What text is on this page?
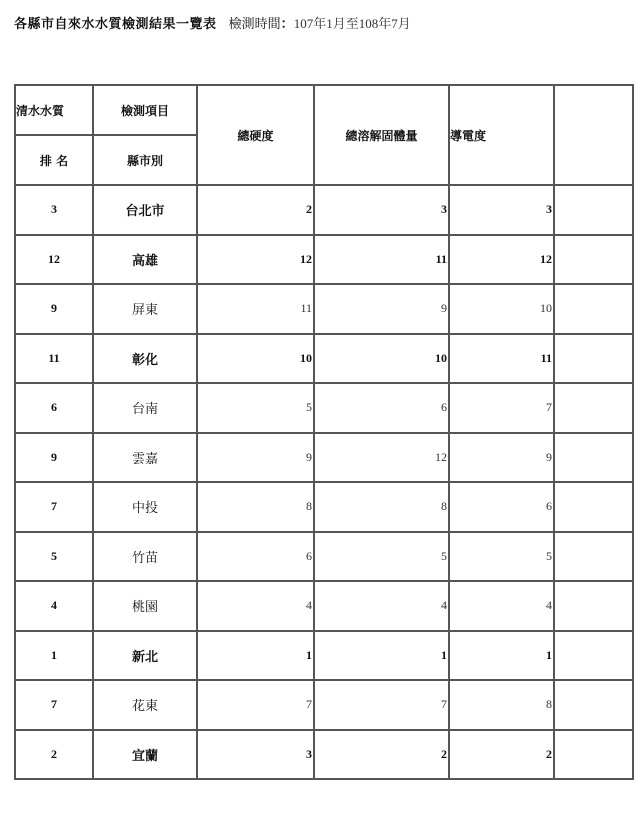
各縣市自來水水質檢測結果一覽表 檢測時間：107年1月至108年7月
清水水質	檢測項目	總硬度	總溶解固體量	導電度	
排 名	縣市別				
3	台北市	2	3	3	
12	高雄	12	11	12	
9	屏東	11	9	10	
11	彰化	10	10	11	
6	台南	5	6	7	
9	雲嘉	9	12	9	
7	中投	8	8	6	
5	竹苗	6	5	5	
4	桃園	4	4	4	
1	新北	1	1	1	
7	花東	7	7	8	
2	宜蘭	3	2	2	
